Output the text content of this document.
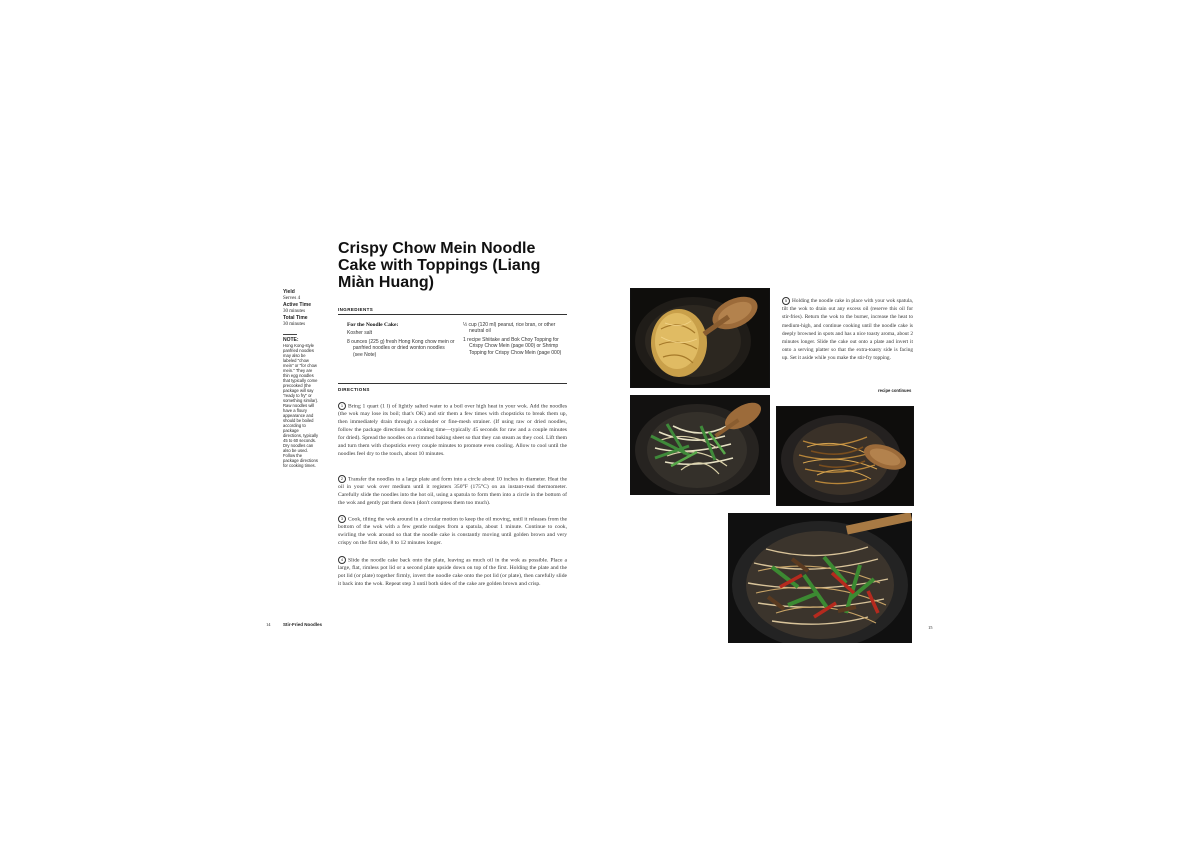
Crispy Chow Mein Noodle Cake with Toppings (Liang Miàn Huang)
Yield
Serves 4
Active Time
30 minutes
Total Time
30 minutes
NOTE:
Hong Kong-style panfried noodles may also be labeled "chow mein" or "for chow mein." They are thin egg noodles that typically come precooked (the package will say "ready to fry" or something similar). Raw noodles will have a floury appearance and should be boiled according to package directions, typically 45 to 60 seconds. Dry noodles can also be used. Follow the package directions for cooking times.
INGREDIENTS
For the Noodle Cake:
Kosher salt
8 ounces (225 g) fresh Hong Kong chow mein or panfried noodles or dried wonton noodles (see Note)
½ cup (120 ml) peanut, rice bran, or other neutral oil
1 recipe Shiitake and Bok Choy Topping for Crispy Chow Mein (page 000) or Shrimp Topping for Crispy Chow Mein (page 000)
DIRECTIONS

1 Bring 1 quart (1 l) of lightly salted water to a boil over high heat in your wok. Add the noodles (the wok may lose its boil; that's OK) and stir them a few times with chopsticks to break them up, then immediately drain through a colander or fine-mesh strainer. (If using raw or dried noodles, follow the package directions for cooking time—typically 45 seconds for raw and a couple minutes for dried). Spread the noodles on a rimmed baking sheet so that they can steam as they cool. Lift them and turn them with chopsticks every couple minutes to promote even cooling. Allow to cool until the noodles feel dry to the touch, about 10 minutes.

2 Transfer the noodles to a large plate and form into a circle about 10 inches in diameter. Heat the oil in your wok over medium until it registers 350°F (175°C) on an instant-read thermometer. Carefully slide the noodles into the hot oil, using a spatula to form them into a circle in the bottom of the wok and gently pat them down (don't compress them too much).

3 Cook, tilting the wok around in a circular motion to keep the oil moving, until it releases from the bottom of the wok with a few gentle nudges from a spatula, about 1 minute. Continue to cook, swirling the wok around so that the noodle cake is constantly moving until golden brown and very crispy on the first side, 8 to 12 minutes longer.

4 Slide the noodle cake back onto the plate, leaving as much oil in the wok as possible. Place a large, flat, rimless pot lid or a second plate upside down on top of the first. Holding the plate and the pot lid (or plate) together firmly, invert the noodle cake onto the pot lid (or plate), then carefully slide it back into the wok. Repeat step 3 until both sides of the cake are golden brown and crisp.

14	Stir-Fried Noodles

5 Holding the noodle cake in place with your wok spatula, tilt the wok to drain out any excess oil (reserve this oil for stir-fries). Return the wok to the burner, increase the heat to medium-high, and continue cooking until the noodle cake is deeply browned in spots and has a nice toasty aroma, about 2 minutes longer. Slide the cake out onto a plate and invert it onto a serving platter so that the extra-toasty side is facing up. Set it aside while you make the stir-fry topping.

recipe continues
15
